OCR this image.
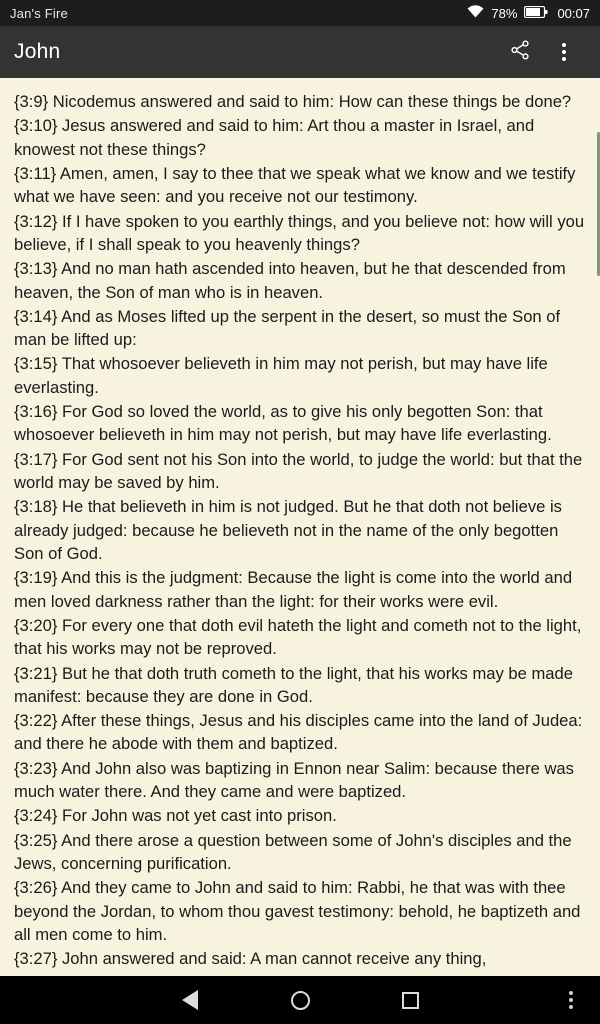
Jan's Fire	78%	00:07
John

{3:9} Nicodemus answered and said to him: How can these things be done?

{3:10} Jesus answered and said to him: Art thou a master in Israel, and knowest not these things?

{3:11} Amen, amen, I say to thee that we speak what we know and we testify what we have seen: and you receive not our testimony.

{3:12} If I have spoken to you earthly things, and you believe not: how will you believe, if I shall speak to you heavenly things?

{3:13} And no man hath ascended into heaven, but he that descended from heaven, the Son of man who is in heaven.

{3:14} And as Moses lifted up the serpent in the desert, so must the Son of man be lifted up:

{3:15} That whosoever believeth in him may not perish, but may have life everlasting.

{3:16} For God so loved the world, as to give his only begotten Son: that whosoever believeth in him may not perish, but may have life everlasting.

{3:17} For God sent not his Son into the world, to judge the world: but that the world may be saved by him.

{3:18} He that believeth in him is not judged. But he that doth not believe is already judged: because he believeth not in the name of the only begotten Son of God.

{3:19} And this is the judgment: Because the light is come into the world and men loved darkness rather than the light: for their works were evil.

{3:20} For every one that doth evil hateth the light and cometh not to the light, that his works may not be reproved.

{3:21} But he that doth truth cometh to the light, that his works may be made manifest: because they are done in God.

{3:22} After these things, Jesus and his disciples came into the land of Judea: and there he abode with them and baptized.

{3:23} And John also was baptizing in Ennon near Salim: because there was much water there. And they came and were baptized.

{3:24} For John was not yet cast into prison.

{3:25} And there arose a question between some of John's disciples and the Jews, concerning purification.

{3:26} And they came to John and said to him: Rabbi, he that was with thee beyond the Jordan, to whom thou gavest testimony: behold, he baptizeth and all men come to him.

{3:27} John answered and said: A man cannot receive any thing,
